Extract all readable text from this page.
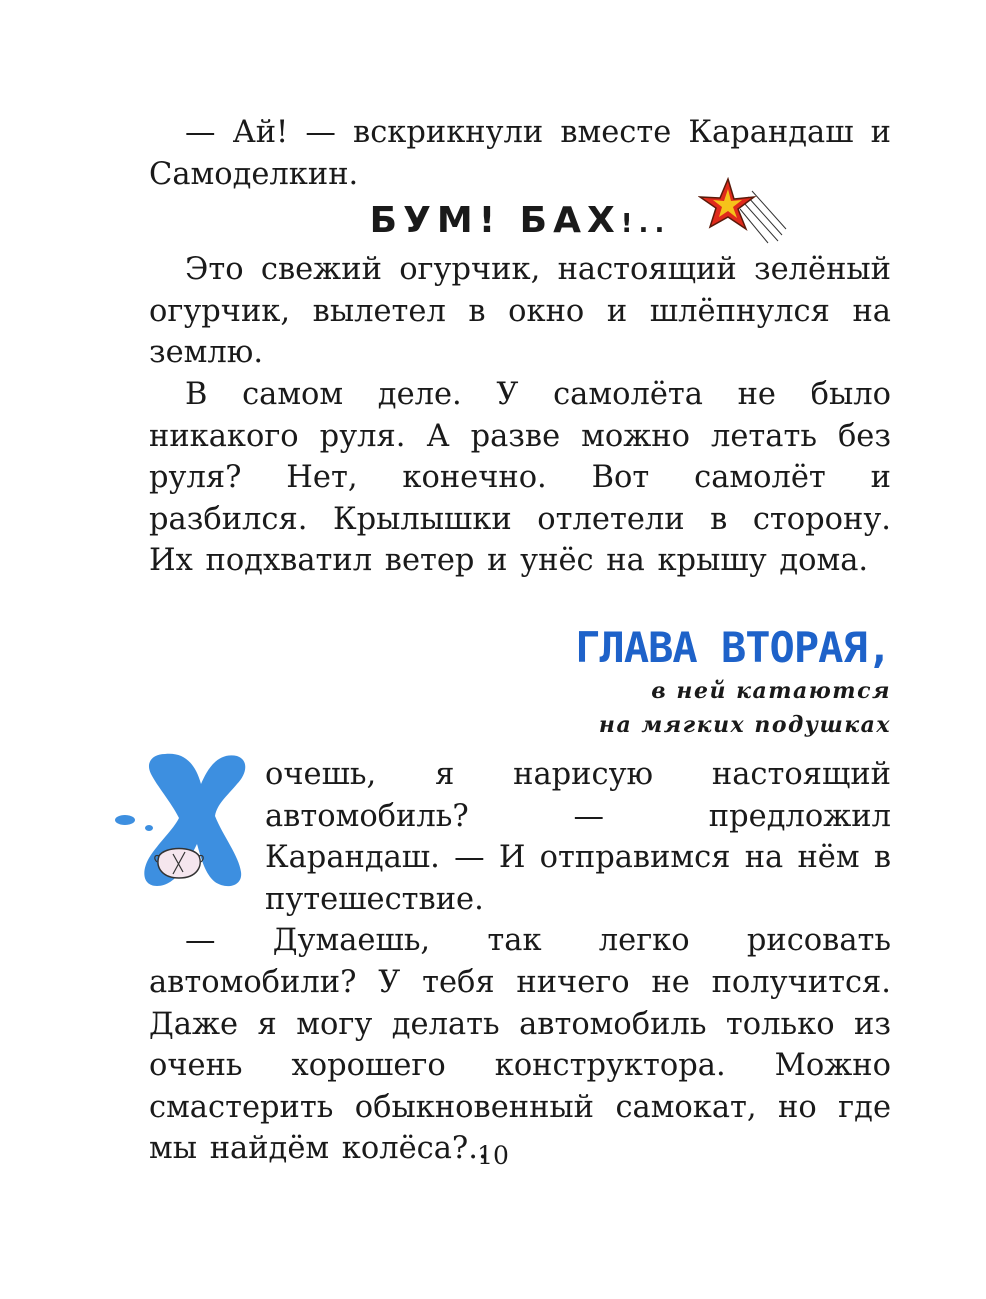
— Ай! — вскрикнули вместе Карандаш и Самоделкин.

БУМ! БАХ!..

Это свежий огурчик, настоящий зелёный огурчик, вылетел в окно и шлёпнулся на землю.

В самом деле. У самолёта не было никакого руля. А разве можно летать без руля? Нет, конечно. Вот самолёт и разбился. Крылышки отлетели в сторону. Их подхватил ветер и унёс на крышу дома.

ГЛАВА ВТОРАЯ,
в ней катаются
на мягких подушках

очешь, я нарисую настоящий автомобиль? — предложил Карандаш. — И отправимся на нём в путешествие.

— Думаешь, так легко рисовать автомобили? У тебя ничего не получится. Даже я могу делать автомобиль только из очень хорошего конструктора. Можно смастерить обыкновенный самокат, но где мы найдём колёса?..

10
